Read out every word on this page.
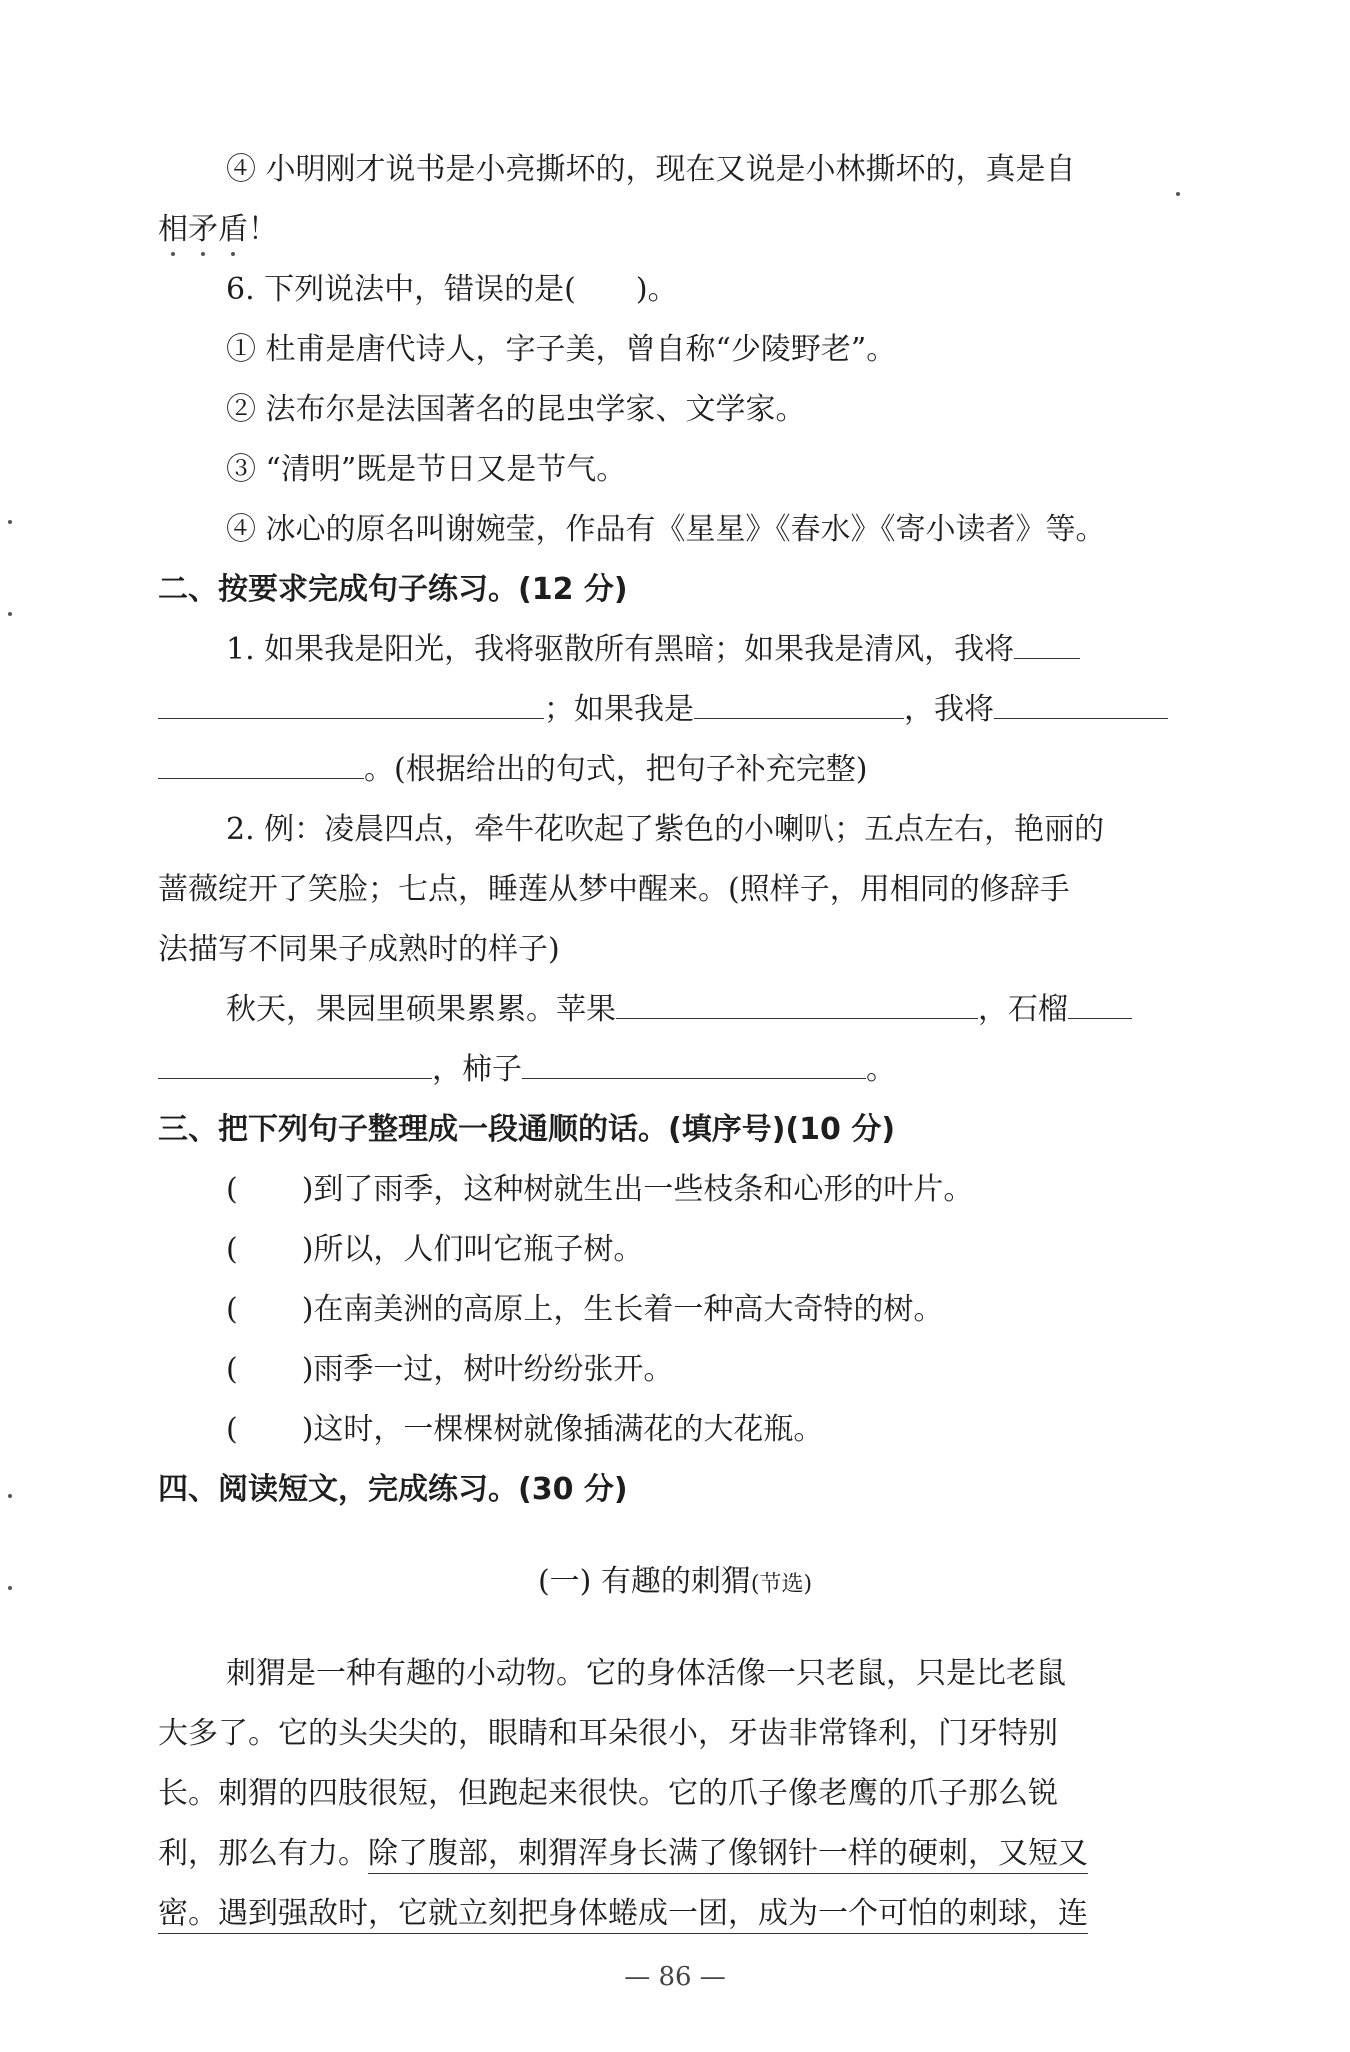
④ 小明刚才说书是小亮撕坏的，现在又说是小林撕坏的，真是自
相矛盾！
6. 下列说法中，错误的是(　　)。
① 杜甫是唐代诗人，字子美，曾自称“少陵野老”。
② 法布尔是法国著名的昆虫学家、文学家。
③ “清明”既是节日又是节气。
④ 冰心的原名叫谢婉莹，作品有《星星》《春水》《寄小读者》等。
二、按要求完成句子练习。(12 分)
1. 如果我是阳光，我将驱散所有黑暗；如果我是清风，我将
；如果我是	，我将
。(根据给出的句式，把句子补充完整)
2. 例：凌晨四点，牵牛花吹起了紫色的小喇叭；五点左右，艳丽的
蔷薇绽开了笑脸；七点，睡莲从梦中醒来。(照样子，用相同的修辞手
法描写不同果子成熟时的样子)
秋天，果园里硕果累累。苹果	，石榴
，柿子	。
三、把下列句子整理成一段通顺的话。(填序号)(10 分)
( )到了雨季，这种树就生出一些枝条和心形的叶片。
( )所以，人们叫它瓶子树。
( )在南美洲的高原上，生长着一种高大奇特的树。
( )雨季一过，树叶纷纷张开。
( )这时，一棵棵树就像插满花的大花瓶。
四、阅读短文，完成练习。(30 分)
(一) 有趣的刺猬(节选)
刺猬是一种有趣的小动物。它的身体活像一只老鼠，只是比老鼠
大多了。它的头尖尖的，眼睛和耳朵很小，牙齿非常锋利，门牙特别
长。刺猬的四肢很短，但跑起来很快。它的爪子像老鹰的爪子那么锐
利，那么有力。除了腹部，刺猬浑身长满了像钢针一样的硬刺，又短又
密。遇到强敌时，它就立刻把身体蜷成一团，成为一个可怕的刺球，连
— 86 —
